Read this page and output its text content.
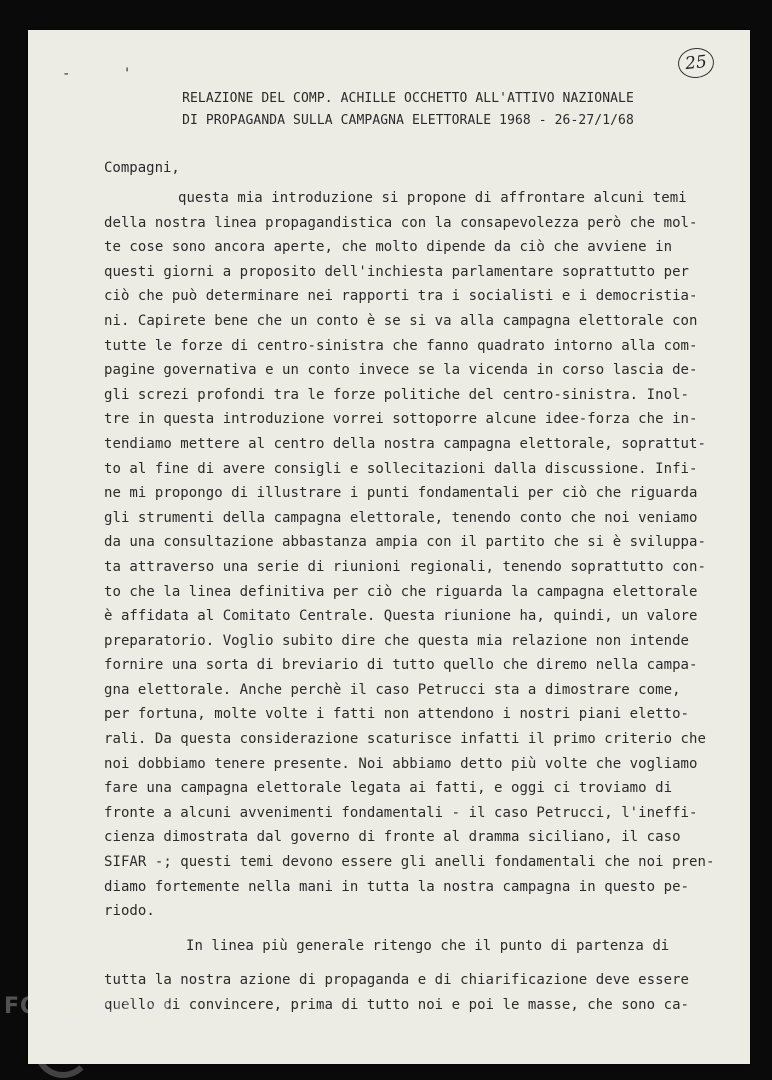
25
- '
RELAZIONE DEL COMP. ACHILLE OCCHETTO ALL'ATTIVO NAZIONALE
DI PROPAGANDA SULLA CAMPAGNA ELETTORALE 1968 - 26-27/1/68
Compagni,
questa mia introduzione si propone di affrontare alcuni temi
della nostra linea propagandistica con la consapevolezza però che mol-
te cose sono ancora aperte, che molto dipende da ciò che avviene in
questi giorni a proposito dell'inchiesta parlamentare soprattutto per
ciò che può determinare nei rapporti tra i socialisti e i democristia-
ni. Capirete bene che un conto è se si va alla campagna elettorale con
tutte le forze di centro-sinistra che fanno quadrato intorno alla com-
pagine governativa e un conto invece se la vicenda in corso lascia de-
gli screzi profondi tra le forze politiche del centro-sinistra. Inol-
tre in questa introduzione vorrei sottoporre alcune idee-forza che in-
tendiamo mettere al centro della nostra campagna elettorale, soprattut-
to al fine di avere consigli e sollecitazioni dalla discussione. Infi-
ne mi propongo di illustrare i punti fondamentali per ciò che riguarda
gli strumenti della campagna elettorale, tenendo conto che noi veniamo
da una consultazione abbastanza ampia con il partito che si è sviluppa-
ta attraverso una serie di riunioni regionali, tenendo soprattutto con-
to che la linea definitiva per ciò che riguarda la campagna elettorale
è affidata al Comitato Centrale. Questa riunione ha, quindi, un valore
preparatorio. Voglio subito dire che questa mia relazione non intende
fornire una sorta di breviario di tutto quello che diremo nella campa-
gna elettorale. Anche perchè il caso Petrucci sta a dimostrare come,
per fortuna, molte volte i fatti non attendono i nostri piani eletto-
rali. Da questa considerazione scaturisce infatti il primo criterio che
noi dobbiamo tenere presente. Noi abbiamo detto più volte che vogliamo
fare una campagna elettorale legata ai fatti, e oggi ci troviamo di
fronte a alcuni avvenimenti fondamentali - il caso Petrucci, l'ineffi-
cienza dimostrata dal governo di fronte al dramma siciliano, il caso
SIFAR -; questi temi devono essere gli anelli fondamentali che noi pren-
diamo fortemente nella mani in tutta la nostra campagna in questo pe-
riodo.
In linea più generale ritengo che il punto di partenza di
tutta la nostra azione di propaganda e di chiarificazione deve essere
quello di convincere, prima di tutto noi e poi le masse, che sono ca-
FONDAZIONE
GRAMSCI
onlus
